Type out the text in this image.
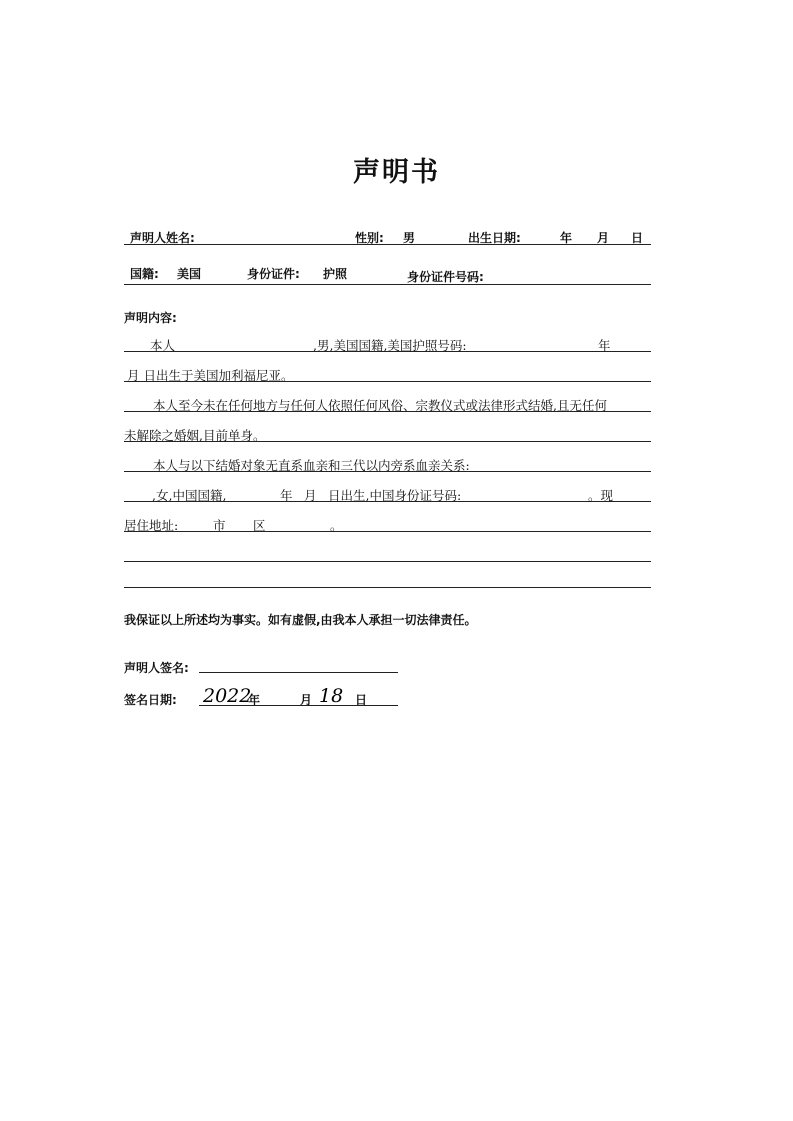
声明书
声明人姓名:	性别: 男	出生日期:	年 月 日
国籍: 美国	身份证件: 护照	身份证件号码:
声明内容:
本人	,男,美国国籍,美国护照号码:	年
月 日出生于美国加利福尼亚。
本人至今未在任何地方与任何人依照任何风俗、宗教仪式或法律形式结婚,且无任何
未解除之婚姻,目前单身。
本人与以下结婚对象无直系血亲和三代以内旁系血亲关系:
,女,中国国籍,	年 月 日出生,中国身份证号码:	。现
居住地址:	市 区	。
我保证以上所述均为事实。如有虚假,由我本人承担一切法律责任。
声明人签名:
签名日期: 2022
年	月 18 日
